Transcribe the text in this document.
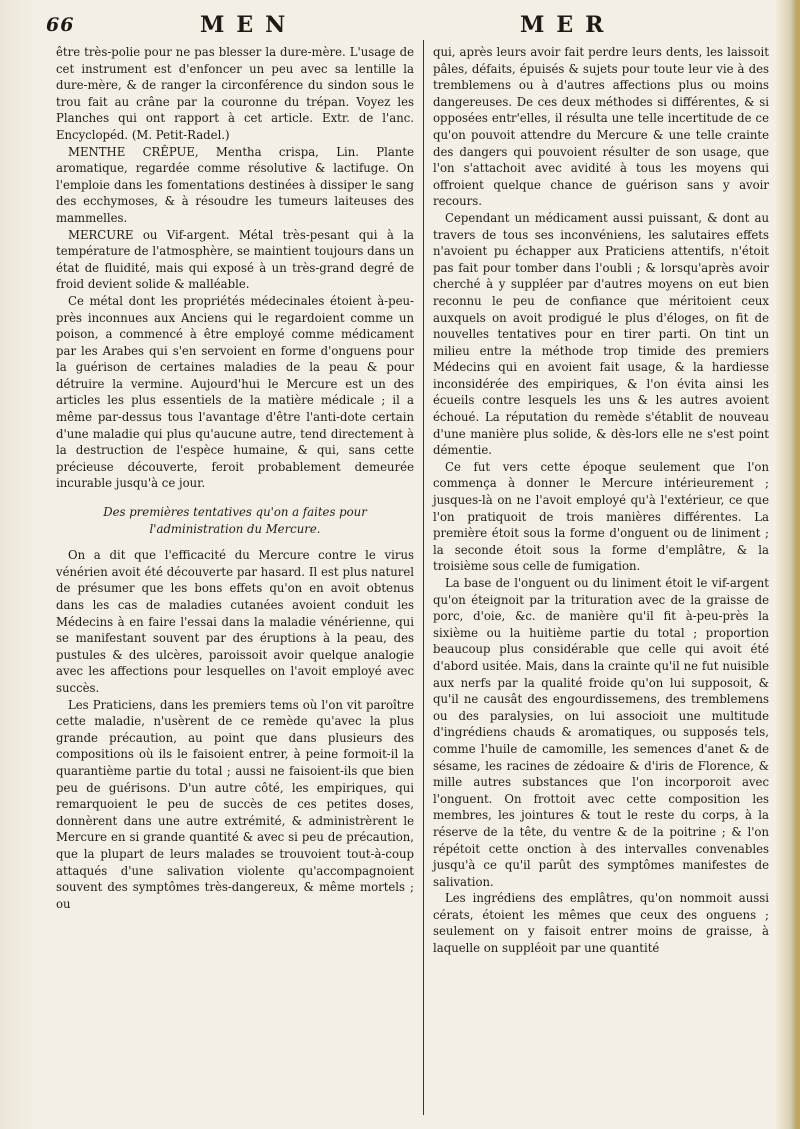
66	MEN	MER

être très-polie pour ne pas blesser la dure-mère. L'usage de cet instrument est d'enfoncer un peu avec sa lentille la dure-mère, & de ranger la circonférence du sindon sous le trou fait au crâne par la couronne du trépan. Voyez les Planches qui ont rapport à cet article. Extr. de l'anc. Encyclopéd. (M. Petit-Radel.)

MENTHE CRÊPUE, Mentha crispa, Lin. Plante aromatique, regardée comme résolutive & lactifuge. On l'emploie dans les fomentations destinées à dissiper le sang des ecchymoses, & à résoudre les tumeurs laiteuses des mammelles.

MERCURE ou Vif-argent. Métal très-pesant qui à la température de l'atmosphère, se maintient toujours dans un état de fluidité, mais qui exposé à un très-grand degré de froid devient solide & malléable.

Ce métal dont les propriétés médecinales étoient à-peu-près inconnues aux Anciens qui le regardoient comme un poison, a commencé à être employé comme médicament par les Arabes qui s'en servoient en forme d'onguens pour la guérison de certaines maladies de la peau & pour détruire la vermine. Aujourd'hui le Mercure est un des articles les plus essentiels de la matière médicale ; il a même par-dessus tous l'avantage d'être l'anti-dote certain d'une maladie qui plus qu'aucune autre, tend directement à la destruction de l'espèce humaine, & qui, sans cette précieuse découverte, feroit probablement demeurée incurable jusqu'à ce jour.

Des premières tentatives qu'on a faites pour l'administration du Mercure.

On a dit que l'efficacité du Mercure contre le virus vénérien avoit été découverte par hasard. Il est plus naturel de présumer que les bons effets qu'on en avoit obtenus dans les cas de maladies cutanées avoient conduit les Médecins à en faire l'essai dans la maladie vénérienne, qui se manifestant souvent par des éruptions à la peau, des pustules & des ulcères, paroissoit avoir quelque analogie avec les affections pour lesquelles on l'avoit employé avec succès.

Les Praticiens, dans les premiers tems où l'on vit paroître cette maladie, n'usèrent de ce remède qu'avec la plus grande précaution, au point que dans plusieurs des compositions où ils le faisoient entrer, à peine formoit-il la quarantième partie du total ; aussi ne faisoient-ils que bien peu de guérisons. D'un autre côté, les empiriques, qui remarquoient le peu de succès de ces petites doses, donnèrent dans une autre extrémité, & administrèrent le Mercure en si grande quantité & avec si peu de précaution, que la plupart de leurs malades se trouvoient tout-à-coup attaqués d'une salivation violente qu'accompagnoient souvent des symptômes très-dangereux, & même mortels ; ou

qui, après leurs avoir fait perdre leurs dents, les laissoit pâles, défaits, épuisés & sujets pour toute leur vie à des tremblemens ou à d'autres affections plus ou moins dangereuses. De ces deux méthodes si différentes, & si opposées entr'elles, il résulta une telle incertitude de ce qu'on pouvoit attendre du Mercure & une telle crainte des dangers qui pouvoient résulter de son usage, que l'on s'attachoit avec avidité à tous les moyens qui offroient quelque chance de guérison sans y avoir recours.

Cependant un médicament aussi puissant, & dont au travers de tous ses inconvéniens, les salutaires effets n'avoient pu échapper aux Praticiens attentifs, n'étoit pas fait pour tomber dans l'oubli ; & lorsqu'après avoir cherché à y suppléer par d'autres moyens on eut bien reconnu le peu de confiance que méritoient ceux auxquels on avoit prodigué le plus d'éloges, on fit de nouvelles tentatives pour en tirer parti. On tint un milieu entre la méthode trop timide des premiers Médecins qui en avoient fait usage, & la hardiesse inconsidérée des empiriques, & l'on évita ainsi les écueils contre lesquels les uns & les autres avoient échoué. La réputation du remède s'établit de nouveau d'une manière plus solide, & dès-lors elle ne s'est point démentie.

Ce fut vers cette époque seulement que l'on commença à donner le Mercure intérieurement ; jusques-là on ne l'avoit employé qu'à l'extérieur, ce que l'on pratiquoit de trois manières différentes. La première étoit sous la forme d'onguent ou de liniment ; la seconde étoit sous la forme d'emplâtre, & la troisième sous celle de fumigation.

La base de l'onguent ou du liniment étoit le vif-argent qu'on éteignoit par la trituration avec de la graisse de porc, d'oie, &c. de manière qu'il fit à-peu-près la sixième ou la huitième partie du total ; proportion beaucoup plus considérable que celle qui avoit été d'abord usitée. Mais, dans la crainte qu'il ne fut nuisible aux nerfs par la qualité froide qu'on lui supposoit, & qu'il ne causât des engourdissemens, des tremblemens ou des paralysies, on lui associoit une multitude d'ingrédiens chauds & aromatiques, ou supposés tels, comme l'huile de camomille, les semences d'anet & de sésame, les racines de zédoaire & d'iris de Florence, & mille autres substances que l'on incorporoit avec l'onguent. On frottoit avec cette composition les membres, les jointures & tout le reste du corps, à la réserve de la tête, du ventre & de la poitrine ; & l'on répétoit cette onction à des intervalles convenables jusqu'à ce qu'il parût des symptômes manifestes de salivation.

Les ingrédiens des emplâtres, qu'on nommoit aussi cérats, étoient les mêmes que ceux des onguens ; seulement on y faisoit entrer moins de graisse, à laquelle on suppléoit par une quantité
